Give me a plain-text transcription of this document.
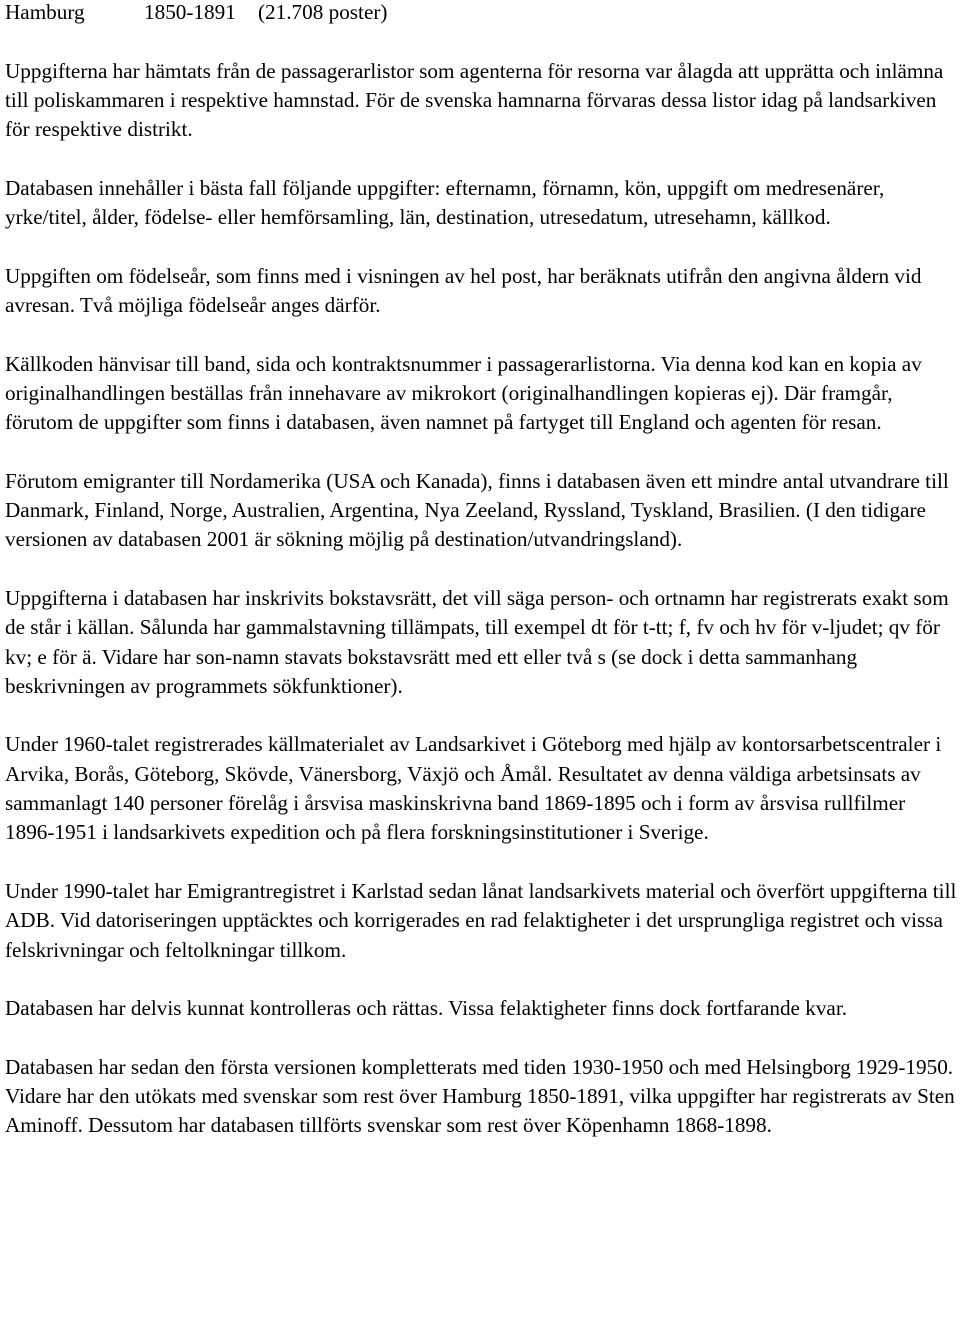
Hamburg	1850-1891 (21.708 poster)

Uppgifterna har hämtats från de passagerarlistor som agenterna för resorna var ålagda att upprätta och inlämna till poliskammaren i respektive hamnstad. För de svenska hamnarna förvaras dessa listor idag på landsarkiven för respektive distrikt.

Databasen innehåller i bästa fall följande uppgifter: efternamn, förnamn, kön, uppgift om medresenärer, yrke/titel, ålder, födelse- eller hemförsamling, län, destination, utresedatum, utresehamn, källkod.

Uppgiften om födelseår, som finns med i visningen av hel post, har beräknats utifrån den angivna åldern vid avresan. Två möjliga födelseår anges därför.

Källkoden hänvisar till band, sida och kontraktsnummer i passagerarlistorna. Via denna kod kan en kopia av originalhandlingen beställas från innehavare av mikrokort (originalhandlingen kopieras ej). Där framgår, förutom de uppgifter som finns i databasen, även namnet på fartyget till England och agenten för resan.

Förutom emigranter till Nordamerika (USA och Kanada), finns i databasen även ett mindre antal utvandrare till Danmark, Finland, Norge, Australien, Argentina, Nya Zeeland, Ryssland, Tyskland, Brasilien. (I den tidigare versionen av databasen 2001 är sökning möjlig på destination/utvandringsland).

Uppgifterna i databasen har inskrivits bokstavsrätt, det vill säga person- och ortnamn har registrerats exakt som de står i källan. Sålunda har gammalstavning tillämpats, till exempel dt för t-tt; f, fv och hv för v-ljudet; qv för kv; e för ä. Vidare har son-namn stavats bokstavsrätt med ett eller två s (se dock i detta sammanhang beskrivningen av programmets sökfunktioner).

Under 1960-talet registrerades källmaterialet av Landsarkivet i Göteborg med hjälp av kontorsarbetscentraler i Arvika, Borås, Göteborg, Skövde, Vänersborg, Växjö och Åmål. Resultatet av denna väldiga arbetsinsats av sammanlagt 140 personer förelåg i årsvisa maskinskrivna band 1869-1895 och i form av årsvisa rullfilmer 1896-1951 i landsarkivets expedition och på flera forskningsinstitutioner i Sverige.

Under 1990-talet har Emigrantregistret i Karlstad sedan lånat landsarkivets material och överfört uppgifterna till ADB. Vid datoriseringen upptäcktes och korrigerades en rad felaktigheter i det ursprungliga registret och vissa felskrivningar och feltolkningar tillkom.

Databasen har delvis kunnat kontrolleras och rättas. Vissa felaktigheter finns dock fortfarande kvar.

Databasen har sedan den första versionen kompletterats med tiden 1930-1950 och med Helsingborg 1929-1950. Vidare har den utökats med svenskar som rest över Hamburg 1850-1891, vilka uppgifter har registrerats av Sten Aminoff. Dessutom har databasen tillförts svenskar som rest över Köpenhamn 1868-1898.
